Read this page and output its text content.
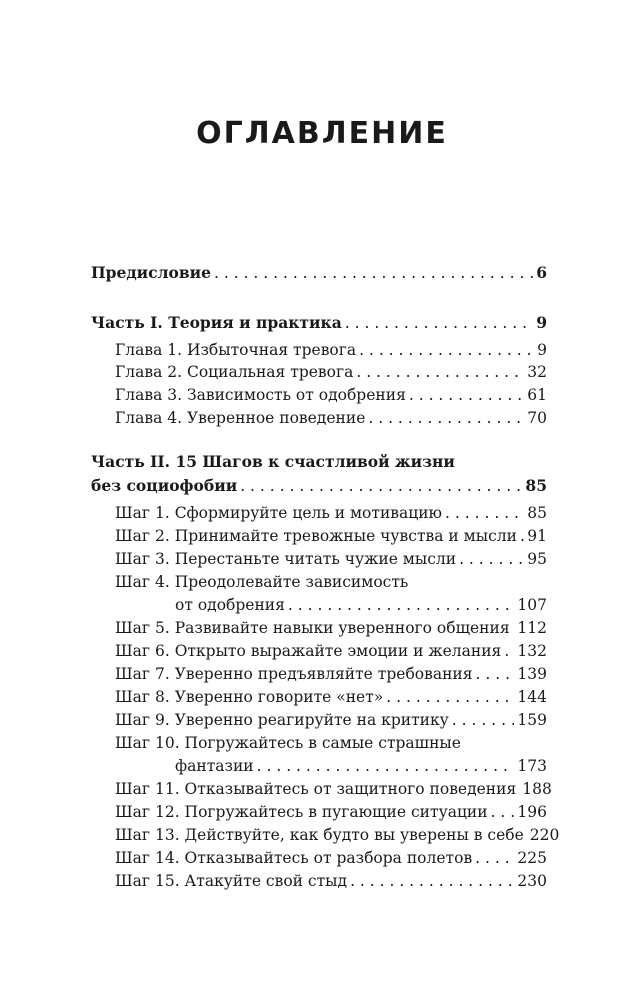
ОГЛАВЛЕНИЕ
Предисловие . . .	6
Часть I. Теория и практика . . .	9
Глава 1. Избыточная тревога . . .	9
Глава 2. Социальная тревога . . .	32
Глава 3. Зависимость от одобрения . . .	61
Глава 4. Уверенное поведение . . .	70
Часть II. 15 Шагов к счастливой жизни
без социофобии . . .	85
Шаг 1. Сформируйте цель и мотивацию . . .	85
Шаг 2. Принимайте тревожные чувства и мысли . . . 91
Шаг 3. Перестаньте читать чужие мысли . . .	95
Шаг 4. Преодолевайте зависимость
от одобрения . . .	107
Шаг 5. Развивайте навыки уверенного общения . . . 112
Шаг 6. Открыто выражайте эмоции и желания . . . 132
Шаг 7. Уверенно предъявляйте требования . . .	139
Шаг 8. Уверенно говорите «нет» . . .	144
Шаг 9. Уверенно реагируйте на критику . . .	159
Шаг 10. Погружайтесь в самые страшные
фантазии . . .	173
Шаг 11. Отказывайтесь от защитного поведения 188
Шаг 12. Погружайтесь в пугающие ситуации . . . 196
Шаг 13. Действуйте, как будто вы уверены в себе 220
Шаг 14. Отказывайтесь от разбора полетов . . .	225
Шаг 15. Атакуйте свой стыд . . .	230
